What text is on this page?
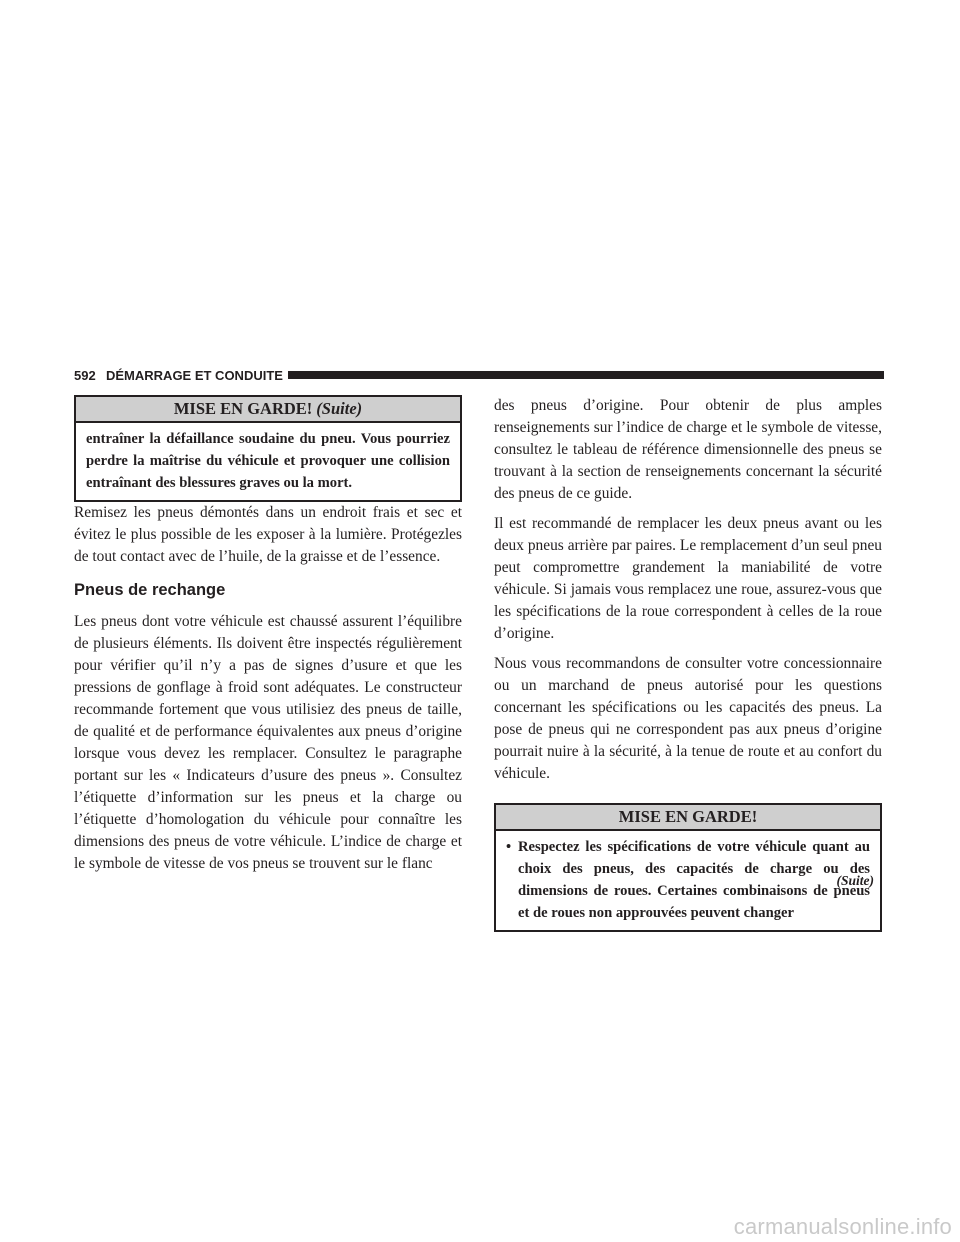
592 DÉMARRAGE ET CONDUITE
MISE EN GARDE! (Suite)
entraîner la défaillance soudaine du pneu. Vous pourriez perdre la maîtrise du véhicule et provoquer une collision entraînant des blessures graves ou la mort.

Remisez les pneus démontés dans un endroit frais et sec et évitez le plus possible de les exposer à la lumière. Protégezles de tout contact avec de l’huile, de la graisse et de l’essence.

Pneus de rechange

Les pneus dont votre véhicule est chaussé assurent l’équilibre de plusieurs éléments. Ils doivent être inspectés régulièrement pour vérifier qu’il n’y a pas de signes d’usure et que les pressions de gonflage à froid sont adéquates. Le constructeur recommande fortement que vous utilisiez des pneus de taille, de qualité et de performance équivalentes aux pneus d’origine lorsque vous devez les remplacer. Consultez le paragraphe portant sur les « Indicateurs d’usure des pneus ». Consultez l’étiquette d’information sur les pneus et la charge ou l’étiquette d’homologation du véhicule pour connaître les dimensions des pneus de votre véhicule. L’indice de charge et le symbole de vitesse de vos pneus se trouvent sur le flanc

des pneus d’origine. Pour obtenir de plus amples renseignements sur l’indice de charge et le symbole de vitesse, consultez le tableau de référence dimensionnelle des pneus se trouvant à la section de renseignements concernant la sécurité des pneus de ce guide.

Il est recommandé de remplacer les deux pneus avant ou les deux pneus arrière par paires. Le remplacement d’un seul pneu peut compromettre grandement la maniabilité de votre véhicule. Si jamais vous remplacez une roue, assurez-vous que les spécifications de la roue correspondent à celles de la roue d’origine.

Nous vous recommandons de consulter votre concessionnaire ou un marchand de pneus autorisé pour les questions concernant les spécifications ou les capacités des pneus. La pose de pneus qui ne correspondent pas aux pneus d’origine pourrait nuire à la sécurité, à la tenue de route et au confort du véhicule.

MISE EN GARDE!
• Respectez les spécifications de votre véhicule quant au choix des pneus, des capacités de charge ou des dimensions de roues. Certaines combinaisons de pneus et de roues non approuvées peuvent changer
(Suite)
carmanualsonline.info
